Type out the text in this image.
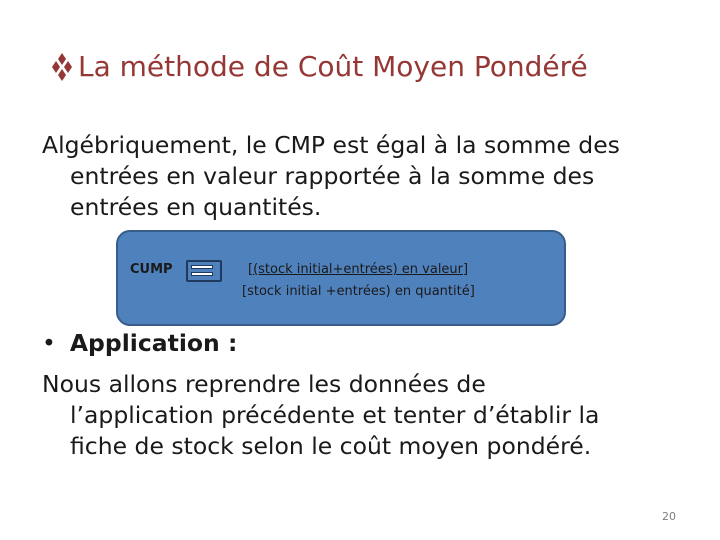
La méthode de Coût Moyen Pondéré
Algébriquement, le CMP est égal à la somme des
entrées en valeur rapportée à la somme des
entrées en quantités.
CUMP	[(stock initial+entrées) en valeur]
[stock initial +entrées) en quantité]
• Application :
Nous allons reprendre les données de
l’application précédente et tenter d’établir la
fiche de stock selon le coût moyen pondéré.
20
